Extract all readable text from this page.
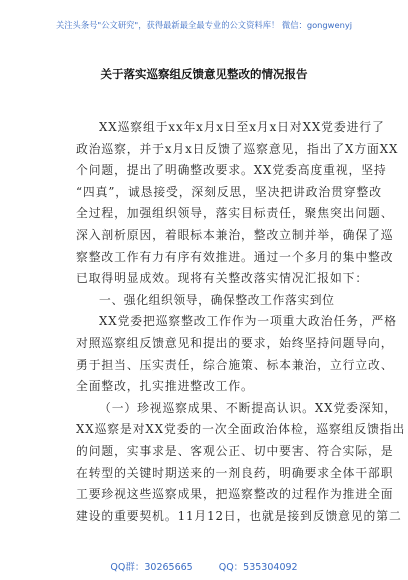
关注头条号"公文研究"，获得最新最全最专业的公文资料库！ 微信：gongwenyj
关于落实巡察组反馈意见整改的情况报告
XX巡察组于xx年x月x日至x月x日对XX党委进行了
政治巡察，并于x月x日反馈了巡察意见，指出了X方面XX
个问题，提出了明确整改要求。XX党委高度重视，坚持
“四真”，诚恳接受，深刻反思，坚决把讲政治贯穿整改
全过程，加强组织领导，落实目标责任，聚焦突出问题、
深入剖析原因，着眼标本兼治，整改立制并举，确保了巡
察整改工作有力有序有效推进。通过一个多月的集中整改
已取得明显成效。现将有关整改落实情况汇报如下：
一、强化组织领导，确保整改工作落实到位
XX党委把巡察整改工作作为一项重大政治任务，严格
对照巡察组反馈意见和提出的要求，始终坚持问题导向，
勇于担当、压实责任，综合施策、标本兼治，立行立改、
全面整改，扎实推进整改工作。
（一）珍视巡察成果、不断提高认识。XX党委深知，
XX巡察是对XX党委的一次全面政治体检，巡察组反馈指出
的问题，实事求是、客观公正、切中要害、符合实际，是
在转型的关键时期送来的一剂良药，明确要求全体干部职
工要珍视这些巡察成果，把巡察整改的过程作为推进全面
建设的重要契机。11月12日，也就是接到反馈意见的第二
QQ群：30265665	QQ：535304092
